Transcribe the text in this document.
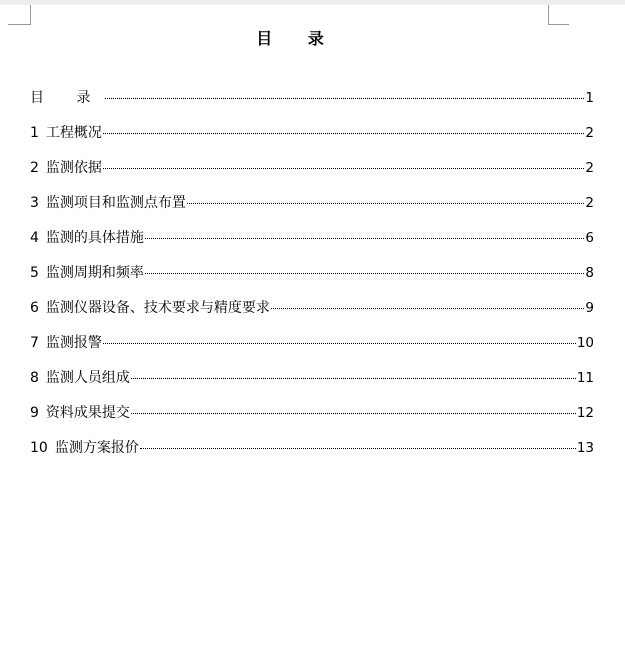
目 录
目 录	1
1 工程概况	2
2 监测依据	2
3 监测项目和监测点布置	2
4 监测的具体措施	6
5 监测周期和频率	8
6 监测仪器设备、技术要求与精度要求	9
7 监测报警	10
8 监测人员组成	11
9 资料成果提交	12
10 监测方案报价	13
